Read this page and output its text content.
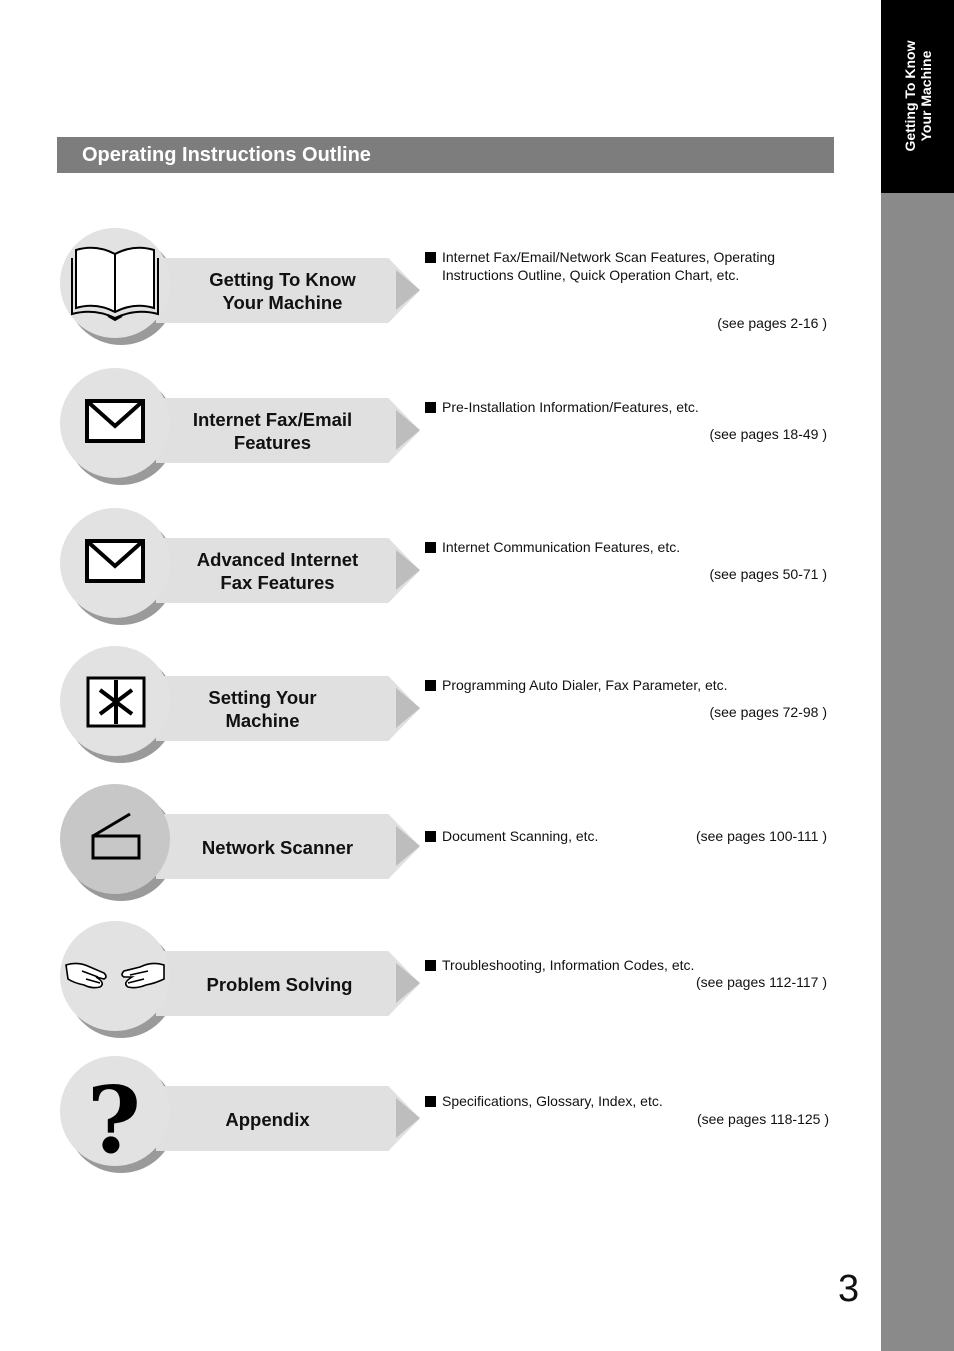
Getting To Know
Your Machine
Operating Instructions Outline
Getting To Know
Your Machine
Internet Fax/Email/Network Scan Features, Operating Instructions Outline, Quick Operation Chart, etc.
(see pages 2-16 )
Internet Fax/Email
Features
Pre-Installation Information/Features, etc.
(see pages 18-49 )
Advanced Internet
Fax Features
Internet Communication Features, etc.
(see pages 50-71 )
Setting Your
Machine
Programming Auto Dialer, Fax Parameter, etc.
(see pages 72-98 )
Network Scanner
Document Scanning, etc.	(see pages 100-111 )
Problem Solving
Troubleshooting, Information Codes, etc.
(see pages 112-117 )
?	Appendix
Specifications, Glossary, Index, etc.
(see pages 118-125 )
3
